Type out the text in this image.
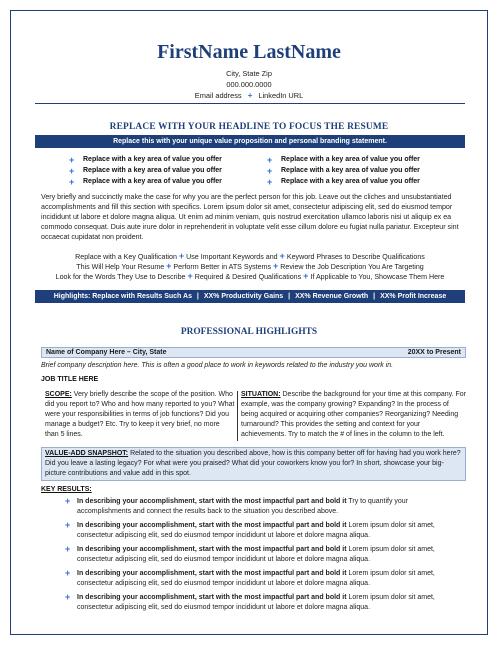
FirstName LastName
City, State Zip
000.000.0000
Email address + LinkedIn URL
REPLACE WITH YOUR HEADLINE TO FOCUS THE RESUME
Replace this with your unique value proposition and personal branding statement.
+ Replace with a key area of value you offer
+ Replace with a key area of value you offer
+ Replace with a key area of value you offer
+ Replace with a key area of value you offer
+ Replace with a key area of value you offer
+ Replace with a key area of value you offer

Very briefly and succinctly make the case for why you are the perfect person for this job. Leave out the cliches and unsubstantiated accomplishments and fill this section with specifics. Lorem ipsum dolor sit amet, consectetur adipiscing elit, sed do eiusmod tempor incididunt ut labore et dolore magna aliqua. Ut enim ad minim veniam, quis nostrud exercitation ullamco laboris nisi ut aliquip ex ea commodo consequat. Duis aute irure dolor in reprehenderit in voluptate velit esse cillum dolore eu fugiat nulla pariatur. Excepteur sint occaecat cupidatat non proident.

Replace with a Key Qualification + Use Important Keywords and + Keyword Phrases to Describe Qualifications
This Will Help Your Resume + Perform Better in ATS Systems + Review the Job Description You Are Targeting
Look for the Words They Use to Describe + Required & Desired Qualifications + If Applicable to You, Showcase Them Here
Highlights: Replace with Results Such As | XX% Productivity Gains | XX% Revenue Growth | XX% Profit Increase
PROFESSIONAL HIGHLIGHTS
Name of Company Here – City, State	20XX to Present
Brief company description here. This is often a good place to work in keywords related to the industry you work in.
JOB TITLE HERE
SCOPE: Very briefly describe the scope of the position. Who did you report to? Who and how many reported to you? What were your responsibilities in terms of job functions? Did you manage a budget? Etc. Try to keep it very brief, no more than 5 lines.
SITUATION: Describe the background for your time at this company. For example, was the company growing? Expanding? In the process of being acquired or acquiring other companies? Reorganizing? Needing turnaround? This provides the setting and context for your achievements. Try to match the # of lines in the column to the left.
VALUE-ADD SNAPSHOT: Related to the situation you described above, how is this company better off for having had you work here? Did you leave a lasting legacy? For what were you praised? What did your coworkers know you for? In short, showcase your big-picture contributions and value add in this spot.
KEY RESULTS:
+ In describing your accomplishment, start with the most impactful part and bold it Try to quantify your accomplishments and connect the results back to the situation you described above.
+ In describing your accomplishment, start with the most impactful part and bold it Lorem ipsum dolor sit amet, consectetur adipiscing elit, sed do eiusmod tempor incididunt ut labore et dolore magna aliqua.
+ In describing your accomplishment, start with the most impactful part and bold it Lorem ipsum dolor sit amet, consectetur adipiscing elit, sed do eiusmod tempor incididunt ut labore et dolore magna aliqua.
+ In describing your accomplishment, start with the most impactful part and bold it Lorem ipsum dolor sit amet, consectetur adipiscing elit, sed do eiusmod tempor incididunt ut labore et dolore magna aliqua.
+ In describing your accomplishment, start with the most impactful part and bold it Lorem ipsum dolor sit amet, consectetur adipiscing elit, sed do eiusmod tempor incididunt ut labore et dolore magna aliqua.
